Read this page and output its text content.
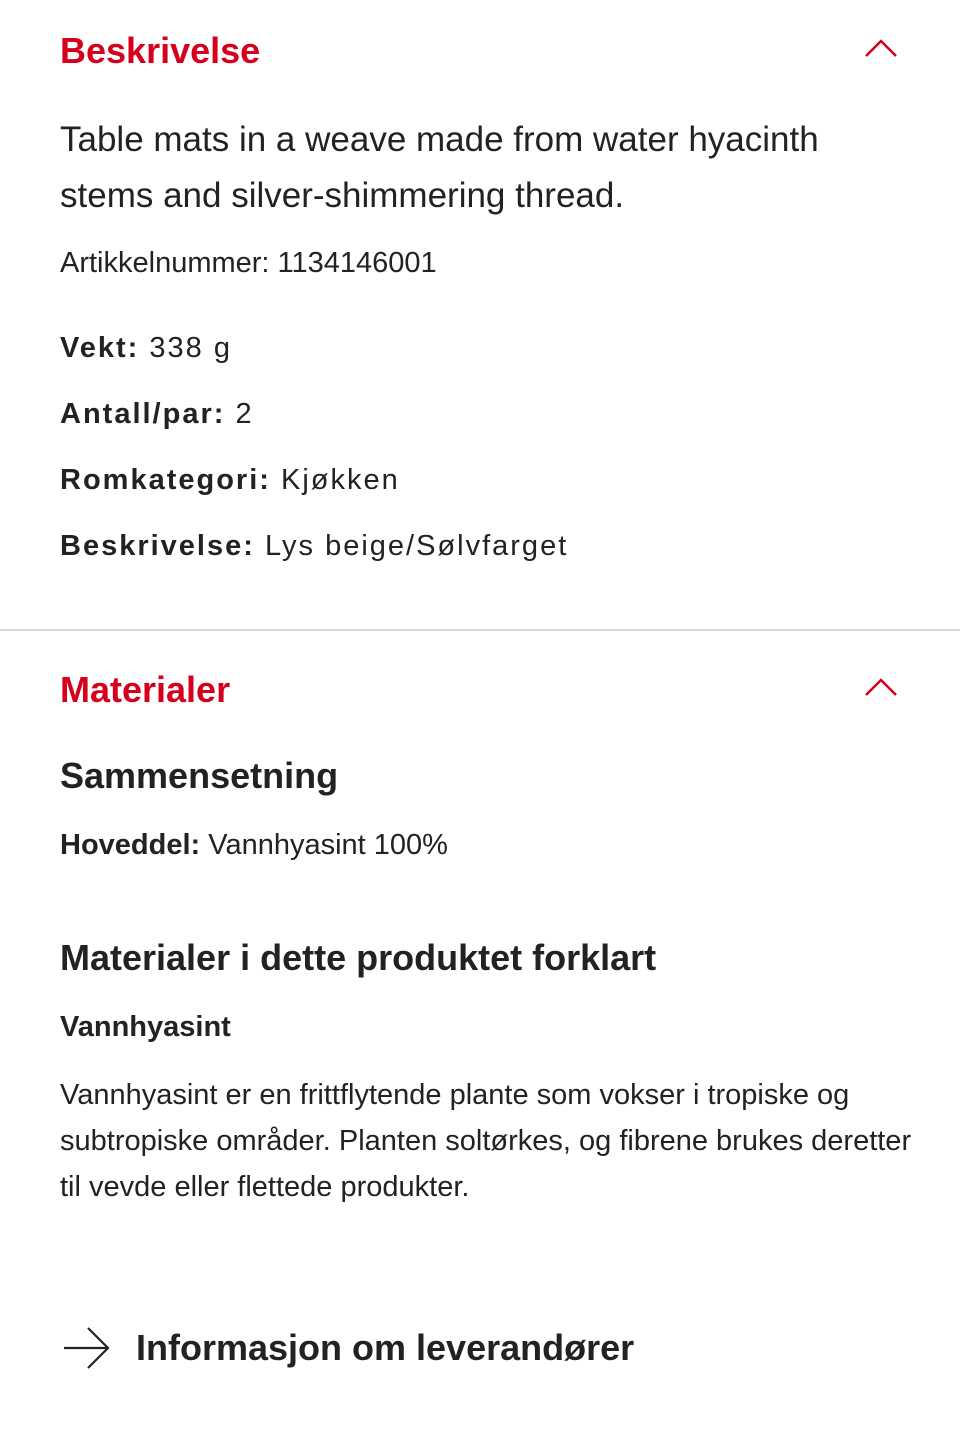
Beskrivelse
Table mats in a weave made from water hyacinth stems and silver-shimmering thread.
Artikkelnummer: 1134146001
Vekt: 338 g
Antall/par: 2
Romkategori: Kjøkken
Beskrivelse: Lys beige/Sølvfarget
Materialer
Sammensetning
Hoveddel: Vannhyasint 100%
Materialer i dette produktet forklart
Vannhyasint
Vannhyasint er en frittflytende plante som vokser i tropiske og subtropiske områder. Planten soltørkes, og fibrene brukes deretter til vevde eller flettede produkter.
Informasjon om leverandører
